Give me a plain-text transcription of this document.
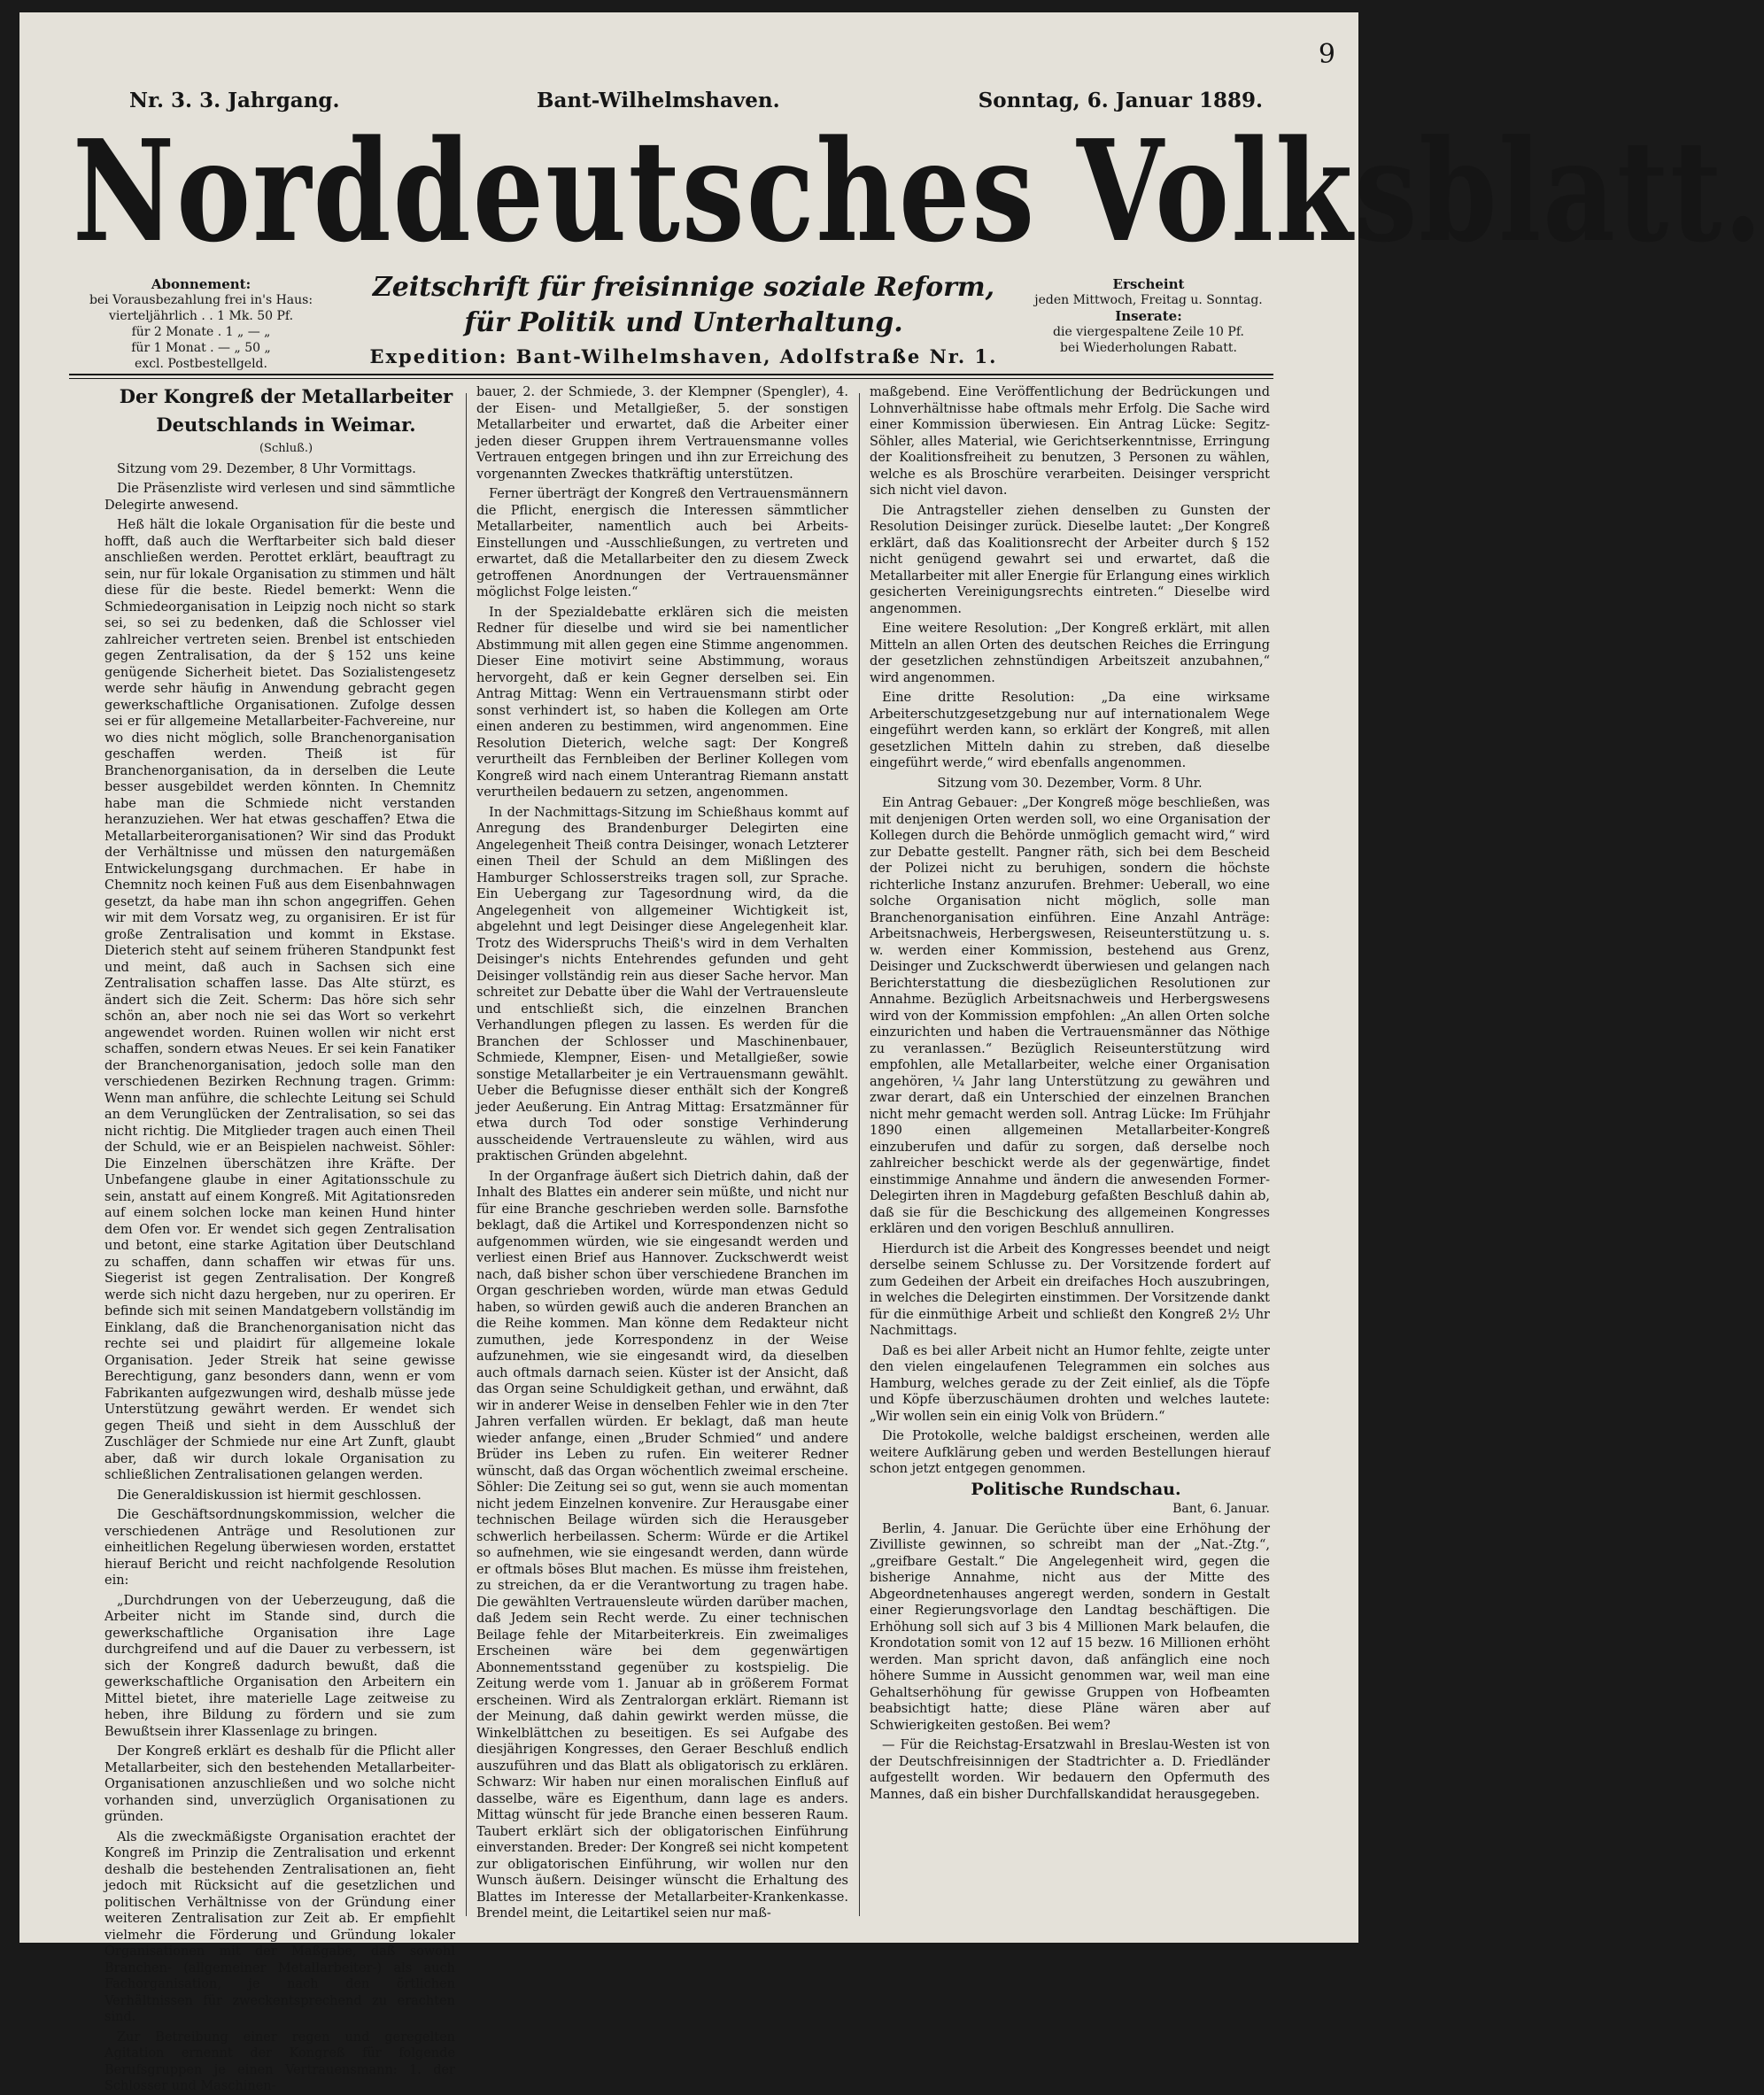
9
Nr. 3. 3. Jahrgang.	Bant-Wilhelmshaven.	Sonntag, 6. Januar 1889.
Norddeutsches Volksblatt.
Abonnement:
bei Vorausbezahlung frei in's Haus:
vierteljährlich . . 1 Mk. 50 Pf.
für 2 Monate . 1 „ — „
für 1 Monat . — „ 50 „
excl. Postbestellgeld.
Zeitschrift für freisinnige soziale Reform,
für Politik und Unterhaltung.
Expedition: Bant-Wilhelmshaven, Adolfstraße Nr. 1.
Erscheint
jeden Mittwoch, Freitag u. Sonntag.
Inserate:
die viergespaltene Zeile 10 Pf.
bei Wiederholungen Rabatt.

Der Kongreß der Metallarbeiter

Deutschlands in Weimar.

(Schluß.)

Sitzung vom 29. Dezember, 8 Uhr Vormittags.

Die Präsenzliste wird verlesen und sind sämmtliche Delegirte anwesend.

Heß hält die lokale Organisation für die beste und hofft, daß auch die Werftarbeiter sich bald dieser anschließen werden. Perottet erklärt, beauftragt zu sein, nur für lokale Organisation zu stimmen und hält diese für die beste. Riedel bemerkt: Wenn die Schmiedeorganisation in Leipzig noch nicht so stark sei, so sei zu bedenken, daß die Schlosser viel zahlreicher vertreten seien. Brenbel ist entschieden gegen Zentralisation, da der § 152 uns keine genügende Sicherheit bietet. Das Sozialistengesetz werde sehr häufig in Anwendung gebracht gegen gewerkschaftliche Organisationen. Zufolge dessen sei er für allgemeine Metallarbeiter-Fachvereine, nur wo dies nicht möglich, solle Branchenorganisation geschaffen werden. Theiß ist für Branchenorganisation, da in derselben die Leute besser ausgebildet werden könnten. In Chemnitz habe man die Schmiede nicht verstanden heranzuziehen. Wer hat etwas geschaffen? Etwa die Metallarbeiterorganisationen? Wir sind das Produkt der Verhältnisse und müssen den naturgemäßen Entwickelungsgang durchmachen. Er habe in Chemnitz noch keinen Fuß aus dem Eisenbahnwagen gesetzt, da habe man ihn schon angegriffen. Gehen wir mit dem Vorsatz weg, zu organisiren. Er ist für große Zentralisation und kommt in Ekstase. Dieterich steht auf seinem früheren Standpunkt fest und meint, daß auch in Sachsen sich eine Zentralisation schaffen lasse. Das Alte stürzt, es ändert sich die Zeit. Scherm: Das höre sich sehr schön an, aber noch nie sei das Wort so verkehrt angewendet worden. Ruinen wollen wir nicht erst schaffen, sondern etwas Neues. Er sei kein Fanatiker der Branchenorganisation, jedoch solle man den verschiedenen Bezirken Rechnung tragen. Grimm: Wenn man anführe, die schlechte Leitung sei Schuld an dem Verunglücken der Zentralisation, so sei das nicht richtig. Die Mitglieder tragen auch einen Theil der Schuld, wie er an Beispielen nachweist. Söhler: Die Einzelnen überschätzen ihre Kräfte. Der Unbefangene glaube in einer Agitationsschule zu sein, anstatt auf einem Kongreß. Mit Agitationsreden auf einem solchen locke man keinen Hund hinter dem Ofen vor. Er wendet sich gegen Zentralisation und betont, eine starke Agitation über Deutschland zu schaffen, dann schaffen wir etwas für uns. Siegerist ist gegen Zentralisation. Der Kongreß werde sich nicht dazu hergeben, nur zu operiren. Er befinde sich mit seinen Mandatgebern vollständig im Einklang, daß die Branchenorganisation nicht das rechte sei und plaidirt für allgemeine lokale Organisation. Jeder Streik hat seine gewisse Berechtigung, ganz besonders dann, wenn er vom Fabrikanten aufgezwungen wird, deshalb müsse jede Unterstützung gewährt werden. Er wendet sich gegen Theiß und sieht in dem Ausschluß der Zuschläger der Schmiede nur eine Art Zunft, glaubt aber, daß wir durch lokale Organisation zu schließlichen Zentralisationen gelangen werden.

Die Generaldiskussion ist hiermit geschlossen.

Die Geschäftsordnungskommission, welcher die verschiedenen Anträge und Resolutionen zur einheitlichen Regelung überwiesen worden, erstattet hierauf Bericht und reicht nachfolgende Resolution ein:

„Durchdrungen von der Ueberzeugung, daß die Arbeiter nicht im Stande sind, durch die gewerkschaftliche Organisation ihre Lage durchgreifend und auf die Dauer zu verbessern, ist sich der Kongreß dadurch bewußt, daß die gewerkschaftliche Organisation den Arbeitern ein Mittel bietet, ihre materielle Lage zeitweise zu heben, ihre Bildung zu fördern und sie zum Bewußtsein ihrer Klassenlage zu bringen.

Der Kongreß erklärt es deshalb für die Pflicht aller Metallarbeiter, sich den bestehenden Metallarbeiter-Organisationen anzuschließen und wo solche nicht vorhanden sind, unverzüglich Organisationen zu gründen.

Als die zweckmäßigste Organisation erachtet der Kongreß im Prinzip die Zentralisation und erkennt deshalb die bestehenden Zentralisationen an, fieht jedoch mit Rücksicht auf die gesetzlichen und politischen Verhältnisse von der Gründung einer weiteren Zentralisation zur Zeit ab. Er empfiehlt vielmehr die Förderung und Gründung lokaler Organisationen mit der Maßgabe, daß sowohl Branchen- (allgemeiner Metallarbeiter-) als auch Fachorganisation, je nach den örtlichen Verhältnissen für zweckentsprechend zu erachten sind.

Zur Betreibung einer regen und geregelten Agitation ernennt der Kongreß für folgende Berufsgruppen je einen Vertrauensmann: 1. der Schlosser und Maschinen-

bauer, 2. der Schmiede, 3. der Klempner (Spengler), 4. der Eisen- und Metallgießer, 5. der sonstigen Metallarbeiter und erwartet, daß die Arbeiter einer jeden dieser Gruppen ihrem Vertrauensmanne volles Vertrauen entgegen bringen und ihn zur Erreichung des vorgenannten Zweckes thatkräftig unterstützen.

Ferner überträgt der Kongreß den Vertrauensmännern die Pflicht, energisch die Interessen sämmtlicher Metallarbeiter, namentlich auch bei Arbeits-Einstellungen und -Ausschließungen, zu vertreten und erwartet, daß die Metallarbeiter den zu diesem Zweck getroffenen Anordnungen der Vertrauensmänner möglichst Folge leisten.“

In der Spezialdebatte erklären sich die meisten Redner für dieselbe und wird sie bei namentlicher Abstimmung mit allen gegen eine Stimme angenommen. Dieser Eine motivirt seine Abstimmung, woraus hervorgeht, daß er kein Gegner derselben sei. Ein Antrag Mittag: Wenn ein Vertrauensmann stirbt oder sonst verhindert ist, so haben die Kollegen am Orte einen anderen zu bestimmen, wird angenommen. Eine Resolution Dieterich, welche sagt: Der Kongreß verurtheilt das Fernbleiben der Berliner Kollegen vom Kongreß wird nach einem Unterantrag Riemann anstatt verurtheilen bedauern zu setzen, angenommen.

In der Nachmittags-Sitzung im Schießhaus kommt auf Anregung des Brandenburger Delegirten eine Angelegenheit Theiß contra Deisinger, wonach Letzterer einen Theil der Schuld an dem Mißlingen des Hamburger Schlosserstreiks tragen soll, zur Sprache. Ein Uebergang zur Tagesordnung wird, da die Angelegenheit von allgemeiner Wichtigkeit ist, abgelehnt und legt Deisinger diese Angelegenheit klar. Trotz des Widerspruchs Theiß's wird in dem Verhalten Deisinger's nichts Entehrendes gefunden und geht Deisinger vollständig rein aus dieser Sache hervor. Man schreitet zur Debatte über die Wahl der Vertrauensleute und entschließt sich, die einzelnen Branchen Verhandlungen pflegen zu lassen. Es werden für die Branchen der Schlosser und Maschinenbauer, Schmiede, Klempner, Eisen- und Metallgießer, sowie sonstige Metallarbeiter je ein Vertrauensmann gewählt. Ueber die Befugnisse dieser enthält sich der Kongreß jeder Aeußerung. Ein Antrag Mittag: Ersatzmänner für etwa durch Tod oder sonstige Verhinderung ausscheidende Vertrauensleute zu wählen, wird aus praktischen Gründen abgelehnt.

In der Organfrage äußert sich Dietrich dahin, daß der Inhalt des Blattes ein anderer sein müßte, und nicht nur für eine Branche geschrieben werden solle. Barnsfothe beklagt, daß die Artikel und Korrespondenzen nicht so aufgenommen würden, wie sie eingesandt werden und verliest einen Brief aus Hannover. Zuckschwerdt weist nach, daß bisher schon über verschiedene Branchen im Organ geschrieben worden, würde man etwas Geduld haben, so würden gewiß auch die anderen Branchen an die Reihe kommen. Man könne dem Redakteur nicht zumuthen, jede Korrespondenz in der Weise aufzunehmen, wie sie eingesandt wird, da dieselben auch oftmals darnach seien. Küster ist der Ansicht, daß das Organ seine Schuldigkeit gethan, und erwähnt, daß wir in anderer Weise in denselben Fehler wie in den 7ter Jahren verfallen würden. Er beklagt, daß man heute wieder anfange, einen „Bruder Schmied“ und andere Brüder ins Leben zu rufen. Ein weiterer Redner wünscht, daß das Organ wöchentlich zweimal erscheine. Söhler: Die Zeitung sei so gut, wenn sie auch momentan nicht jedem Einzelnen konvenire. Zur Herausgabe einer technischen Beilage würden sich die Herausgeber schwerlich herbeilassen. Scherm: Würde er die Artikel so aufnehmen, wie sie eingesandt werden, dann würde er oftmals böses Blut machen. Es müsse ihm freistehen, zu streichen, da er die Verantwortung zu tragen habe. Die gewählten Vertrauensleute würden darüber machen, daß Jedem sein Recht werde. Zu einer technischen Beilage fehle der Mitarbeiterkreis. Ein zweimaliges Erscheinen wäre bei dem gegenwärtigen Abonnementsstand gegenüber zu kostspielig. Die Zeitung werde vom 1. Januar ab in größerem Format erscheinen. Wird als Zentralorgan erklärt. Riemann ist der Meinung, daß dahin gewirkt werden müsse, die Winkelblättchen zu beseitigen. Es sei Aufgabe des diesjährigen Kongresses, den Geraer Beschluß endlich auszuführen und das Blatt als obligatorisch zu erklären. Schwarz: Wir haben nur einen moralischen Einfluß auf dasselbe, wäre es Eigenthum, dann lage es anders. Mittag wünscht für jede Branche einen besseren Raum. Taubert erklärt sich der obligatorischen Einführung einverstanden. Breder: Der Kongreß sei nicht kompetent zur obligatorischen Einführung, wir wollen nur den Wunsch äußern. Deisinger wünscht die Erhaltung des Blattes im Interesse der Metallarbeiter-Krankenkasse. Brendel meint, die Leitartikel seien nur maß-

maßgebend. Eine Veröffentlichung der Bedrückungen und Lohnverhältnisse habe oftmals mehr Erfolg. Die Sache wird einer Kommission überwiesen. Ein Antrag Lücke: Segitz-Söhler, alles Material, wie Gerichtserkenntnisse, Erringung der Koalitionsfreiheit zu benutzen, 3 Personen zu wählen, welche es als Broschüre verarbeiten. Deisinger verspricht sich nicht viel davon.

Die Antragsteller ziehen denselben zu Gunsten der Resolution Deisinger zurück. Dieselbe lautet: „Der Kongreß erklärt, daß das Koalitionsrecht der Arbeiter durch § 152 nicht genügend gewahrt sei und erwartet, daß die Metallarbeiter mit aller Energie für Erlangung eines wirklich gesicherten Vereinigungsrechts eintreten.“ Dieselbe wird angenommen.

Eine weitere Resolution: „Der Kongreß erklärt, mit allen Mitteln an allen Orten des deutschen Reiches die Erringung der gesetzlichen zehnstündigen Arbeitszeit anzubahnen,“ wird angenommen.

Eine dritte Resolution: „Da eine wirksame Arbeiterschutzgesetzgebung nur auf internationalem Wege eingeführt werden kann, so erklärt der Kongreß, mit allen gesetzlichen Mitteln dahin zu streben, daß dieselbe eingeführt werde,“ wird ebenfalls angenommen.

Sitzung vom 30. Dezember, Vorm. 8 Uhr.

Ein Antrag Gebauer: „Der Kongreß möge beschließen, was mit denjenigen Orten werden soll, wo eine Organisation der Kollegen durch die Behörde unmöglich gemacht wird,“ wird zur Debatte gestellt. Pangner räth, sich bei dem Bescheid der Polizei nicht zu beruhigen, sondern die höchste richterliche Instanz anzurufen. Brehmer: Ueberall, wo eine solche Organisation nicht möglich, solle man Branchenorganisation einführen. Eine Anzahl Anträge: Arbeitsnachweis, Herbergswesen, Reiseunterstützung u. s. w. werden einer Kommission, bestehend aus Grenz, Deisinger und Zuckschwerdt überwiesen und gelangen nach Berichterstattung die diesbezüglichen Resolutionen zur Annahme. Bezüglich Arbeitsnachweis und Herbergswesens wird von der Kommission empfohlen: „An allen Orten solche einzurichten und haben die Vertrauensmänner das Nöthige zu veranlassen.“ Bezüglich Reiseunterstützung wird empfohlen, alle Metallarbeiter, welche einer Organisation angehören, ¼ Jahr lang Unterstützung zu gewähren und zwar derart, daß ein Unterschied der einzelnen Branchen nicht mehr gemacht werden soll. Antrag Lücke: Im Frühjahr 1890 einen allgemeinen Metallarbeiter-Kongreß einzuberufen und dafür zu sorgen, daß derselbe noch zahlreicher beschickt werde als der gegenwärtige, findet einstimmige Annahme und ändern die anwesenden Former-Delegirten ihren in Magdeburg gefaßten Beschluß dahin ab, daß sie für die Beschickung des allgemeinen Kongresses erklären und den vorigen Beschluß annulliren.

Hierdurch ist die Arbeit des Kongresses beendet und neigt derselbe seinem Schlusse zu. Der Vorsitzende fordert auf zum Gedeihen der Arbeit ein dreifaches Hoch auszubringen, in welches die Delegirten einstimmen. Der Vorsitzende dankt für die einmüthige Arbeit und schließt den Kongreß 2½ Uhr Nachmittags.

Daß es bei aller Arbeit nicht an Humor fehlte, zeigte unter den vielen eingelaufenen Telegrammen ein solches aus Hamburg, welches gerade zu der Zeit einlief, als die Töpfe und Köpfe überzuschäumen drohten und welches lautete: „Wir wollen sein ein einig Volk von Brüdern.“

Die Protokolle, welche baldigst erscheinen, werden alle weitere Aufklärung geben und werden Bestellungen hierauf schon jetzt entgegen genommen.

Politische Rundschau.

Bant, 6. Januar.

Berlin, 4. Januar. Die Gerüchte über eine Erhöhung der Zivilliste gewinnen, so schreibt man der „Nat.-Ztg.“, „greifbare Gestalt.“ Die Angelegenheit wird, gegen die bisherige Annahme, nicht aus der Mitte des Abgeordnetenhauses angeregt werden, sondern in Gestalt einer Regierungsvorlage den Landtag beschäftigen. Die Erhöhung soll sich auf 3 bis 4 Millionen Mark belaufen, die Krondotation somit von 12 auf 15 bezw. 16 Millionen erhöht werden. Man spricht davon, daß anfänglich eine noch höhere Summe in Aussicht genommen war, weil man eine Gehaltserhöhung für gewisse Gruppen von Hofbeamten beabsichtigt hatte; diese Pläne wären aber auf Schwierigkeiten gestoßen. Bei wem?

— Für die Reichstag-Ersatzwahl in Breslau-Westen ist von der Deutschfreisinnigen der Stadtrichter a. D. Friedländer aufgestellt worden. Wir bedauern den Opfermuth des Mannes, daß ein bisher Durchfallskandidat herausgegeben.
